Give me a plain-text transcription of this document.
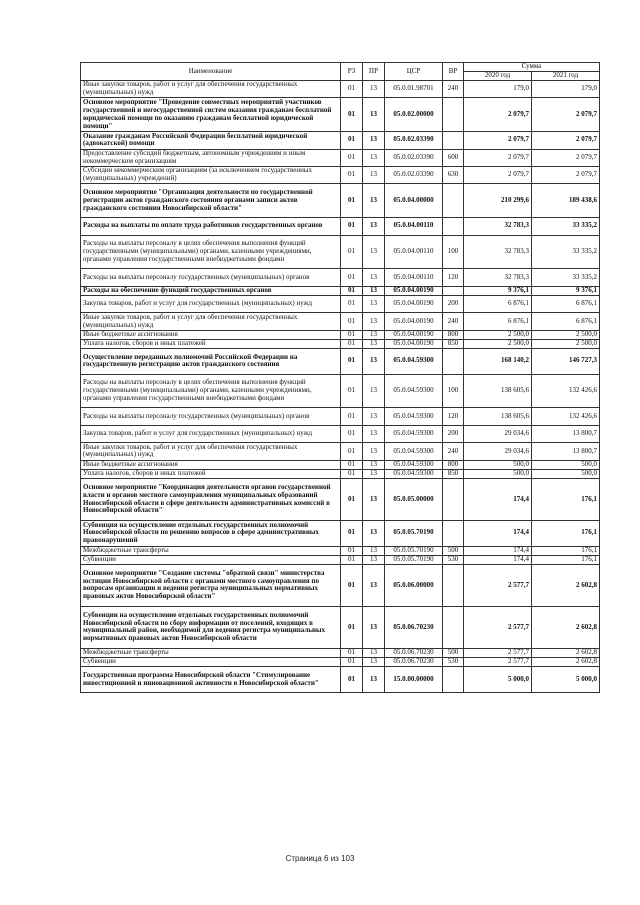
Наименование	РЗ	ПР	ЦСР	ВР	Сумма	
					2020 год	2021 год
Иные закупки товаров, работ и услуг для обеспечения государственных (муниципальных) нужд	01	13	05.0.01.98701	240	179,0	179,0
Основное мероприятие "Проведение совместных мероприятий участников государственной и негосударственной систем оказания гражданам бесплатной юридической помощи по оказанию гражданам бесплатной юридической помощи"	01	13	05.0.02.00000		2 079,7	2 079,7
Оказание гражданам Российской Федерации бесплатной юридической (адвокатской) помощи	01	13	05.0.02.03390		2 079,7	2 079,7
Предоставление субсидий бюджетным, автономным учреждениям и иным некоммерческим организациям	01	13	05.0.02.03390	600	2 079,7	2 079,7
Субсидии некоммерческим организациям (за исключением государственных (муниципальных) учреждений)	01	13	05.0.02.03390	630	2 079,7	2 079,7
Основное мероприятие "Организация деятельности по государственной регистрации актов гражданского состояния органами записи актов гражданского состояния Новосибирской области"	01	13	05.0.04.00000		210 299,6	189 438,6
Расходы на выплаты по оплате труда работников государственных органов	01	13	05.0.04.00110		32 783,3	33 335,2
Расходы на выплаты персоналу в целях обеспечения выполнения функций государственными (муниципальными) органами, казенными учреждениями, органами управления государственными внебюджетными фондами	01	13	05.0.04.00110	100	32 783,3	33 335,2
Расходы на выплаты персоналу государственных (муниципальных) органов	01	13	05.0.04.00110	120	32 783,3	33 335,2
Расходы на обеспечение функций государственных органов	01	13	05.0.04.00190		9 376,1	9 376,1
Закупка товаров, работ и услуг для государственных (муниципальных) нужд	01	13	05.0.04.00190	200	6 876,1	6 876,1
Иные закупки товаров, работ и услуг для обеспечения государственных (муниципальных) нужд	01	13	05.0.04.00190	240	6 876,1	6 876,1
Иные бюджетные ассигнования	01	13	05.0.04.00190	800	2 500,0	2 500,0
Уплата налогов, сборов и иных платежей	01	13	05.0.04.00190	850	2 500,0	2 500,0
Осуществление переданных полномочий Российской Федерации на государственную регистрацию актов гражданского состояния	01	13	05.0.04.59300		168 140,2	146 727,3
Расходы на выплаты персоналу в целях обеспечения выполнения функций государственными (муниципальными) органами, казенными учреждениями, органами управления государственными внебюджетными фондами	01	13	05.0.04.59300	100	138 605,6	132 426,6
Расходы на выплаты персоналу государственных (муниципальных) органов	01	13	05.0.04.59300	120	138 605,6	132 426,6
Закупка товаров, работ и услуг для государственных (муниципальных) нужд	01	13	05.0.04.59300	200	29 034,6	13 800,7
Иные закупки товаров, работ и услуг для обеспечения государственных (муниципальных) нужд	01	13	05.0.04.59300	240	29 034,6	13 800,7
Иные бюджетные ассигнования	01	13	05.0.04.59300	800	500,0	500,0
Уплата налогов, сборов и иных платежей	01	13	05.0.04.59300	850	500,0	500,0
Основное мероприятие "Координация деятельности органов государственной власти и органов местного самоуправления муниципальных образований Новосибирской области в сфере деятельности административных комиссий в Новосибирской области"	01	13	05.0.05.00000		174,4	176,1
Субвенция на осуществление отдельных государственных полномочий Новосибирской области по решению вопросов в сфере административных правонарушений	01	13	05.0.05.70190		174,4	176,1
Межбюджетные трансферты	01	13	05.0.05.70190	500	174,4	176,1
Субвенции	01	13	05.0.05.70190	530	174,4	176,1
Основное мероприятие "Создание системы "обратной связи" министерства юстиции Новосибирской области с органами местного самоуправления по вопросам организации и ведения регистра муниципальных нормативных правовых актов Новосибирской области"	01	13	05.0.06.00000		2 577,7	2 602,8
Субвенции на осуществление отдельных государственных полномочий Новосибирской области по сбору информации от поселений, входящих в муниципальный район, необходимой для ведения регистра муниципальных нормативных правовых актов Новосибирской области	01	13	05.0.06.70230		2 577,7	2 602,8
Межбюджетные трансферты	01	13	05.0.06.70230	500	2 577,7	2 602,8
Субвенции	01	13	05.0.06.70230	530	2 577,7	2 602,8
Государственная программа Новосибирской области "Стимулирование инвестиционной и инновационной активности в Новосибирской области"	01	13	15.0.00.00000		5 000,0	5 000,0
Страница 6 из 103
